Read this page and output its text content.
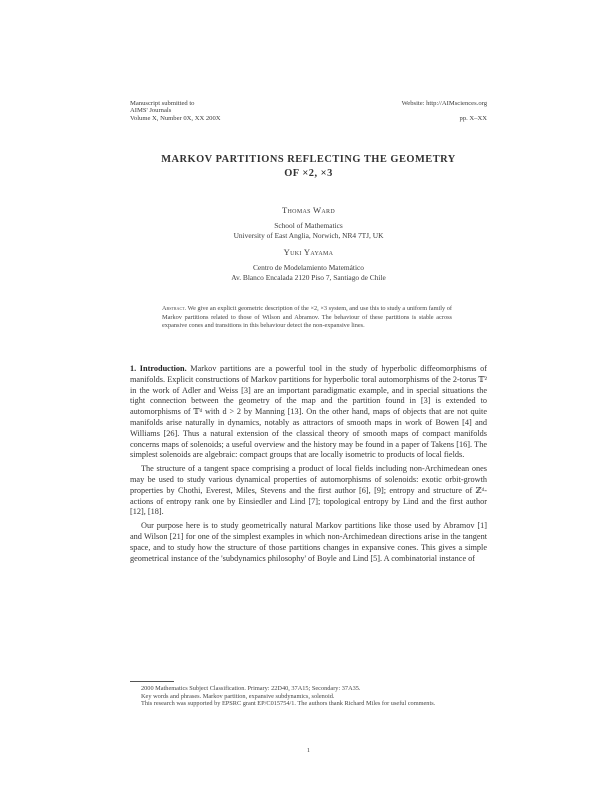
Manuscript submitted to
AIMS' Journals
Volume X, Number 0X, XX 200X
Website: http://AIMsciences.org
pp. X–XX
MARKOV PARTITIONS REFLECTING THE GEOMETRY
OF ×2, ×3
Thomas Ward
School of Mathematics
University of East Anglia, Norwich, NR4 7TJ, UK
Yuki Yayama
Centro de Modelamiento Matemático
Av. Blanco Encalada 2120 Piso 7, Santiago de Chile
Abstract. We give an explicit geometric description of the ×2, ×3 system, and use this to study a uniform family of Markov partitions related to those of Wilson and Abramov. The behaviour of these partitions is stable across expansive cones and transitions in this behaviour detect the non-expansive lines.

1. Introduction. Markov partitions are a powerful tool in the study of hyperbolic diffeomorphisms of manifolds. Explicit constructions of Markov partitions for hyperbolic toral automorphisms of the 2-torus 𝕋² in the work of Adler and Weiss [3] are an important paradigmatic example, and in special situations the tight connection between the geometry of the map and the partition found in [3] is extended to automorphisms of 𝕋ᵈ with d > 2 by Manning [13]. On the other hand, maps of objects that are not quite manifolds arise naturally in dynamics, notably as attractors of smooth maps in work of Bowen [4] and Williams [26]. Thus a natural extension of the classical theory of smooth maps of compact manifolds concerns maps of solenoids; a useful overview and the history may be found in a paper of Takens [16]. The simplest solenoids are algebraic: compact groups that are locally isometric to products of local fields.

The structure of a tangent space comprising a product of local fields including non-Archimedean ones may be used to study various dynamical properties of automorphisms of solenoids: exotic orbit-growth properties by Chothi, Everest, Miles, Stevens and the first author [6], [9]; entropy and structure of ℤᵈ-actions of entropy rank one by Einsiedler and Lind [7]; topological entropy by Lind and the first author [12], [18].

Our purpose here is to study geometrically natural Markov partitions like those used by Abramov [1] and Wilson [21] for one of the simplest examples in which non-Archimedean directions arise in the tangent space, and to study how the structure of those partitions changes in expansive cones. This gives a simple geometrical instance of the 'subdynamics philosophy' of Boyle and Lind [5]. A combinatorial instance of

2000 Mathematics Subject Classification. Primary: 22D40, 37A15; Secondary: 37A35.

Key words and phrases. Markov partition, expansive subdynamics, solenoid.

This research was supported by EPSRC grant EP/C015754/1. The authors thank Richard Miles for useful comments.

1
